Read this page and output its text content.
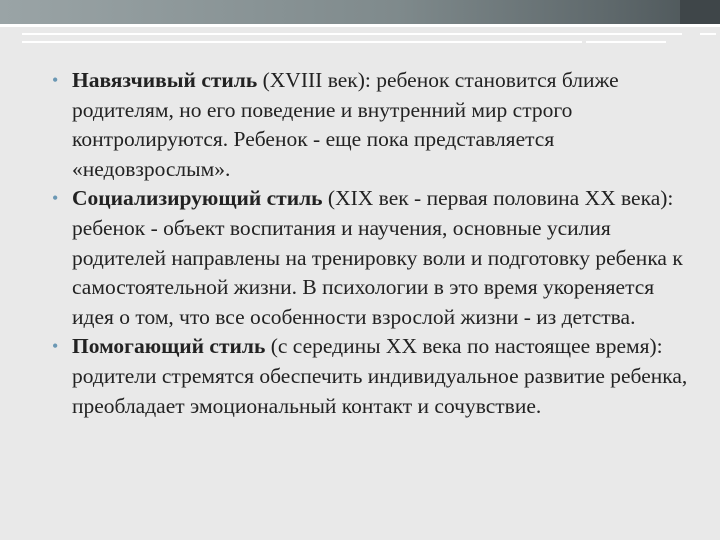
• Навязчивый стиль (XVIII век): ребенок становится ближе родителям, но его поведение и внутренний мир строго контролируются. Ребенок - еще пока представляется «недовзрослым».
• Социализирующий стиль (XIX век - первая половина XX века): ребенок - объект воспитания и научения, основные усилия родителей направлены на тренировку воли и подготовку ребенка к самостоятельной жизни. В психологии в это время укореняется идея о том, что все особенности взрослой жизни - из детства.
• Помогающий стиль (с середины XX века по настоящее время): родители стремятся обеспечить индивидуальное развитие ребенка, преобладает эмоциональный контакт и сочувствие.
